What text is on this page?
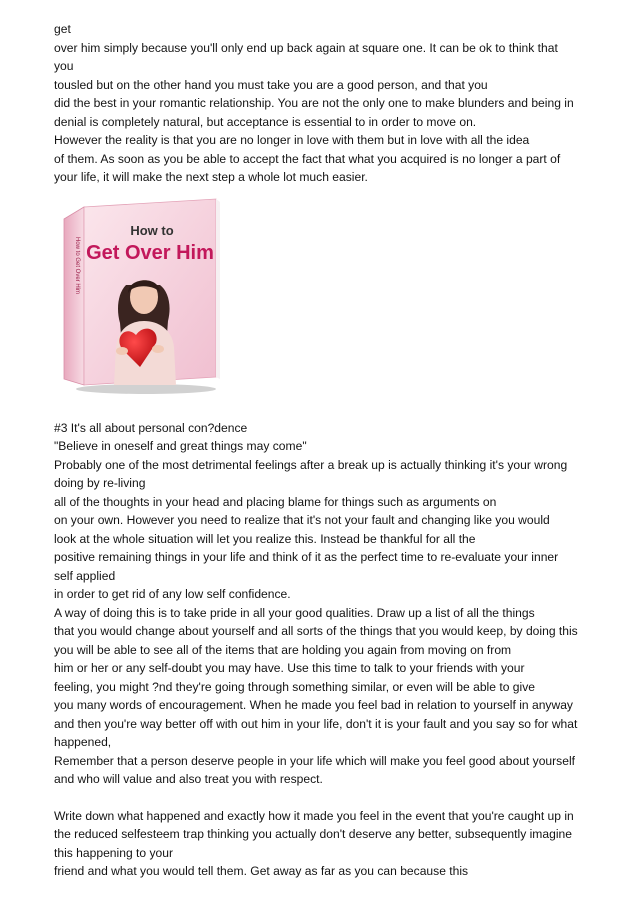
get
over him simply because you'll only end up back again at square one. It can be ok to think that
you
tousled but on the other hand you must take you are a good person, and that you
did the best in your romantic relationship. You are not the only one to make blunders and being in
denial is completely natural, but acceptance is essential to in order to move on.
However the reality is that you are no longer in love with them but in love with all the idea
of them. As soon as you be able to accept the fact that what you acquired is no longer a part of
your life, it will make the next step a whole lot much easier.
How to
Get Over Him
How to Get Over Him
#3 It's all about personal con?dence
"Believe in oneself and great things may come"
Probably one of the most detrimental feelings after a break up is actually thinking it's your wrong
doing by re-living
all of the thoughts in your head and placing blame for things such as arguments on
on your own. However you need to realize that it's not your fault and changing like you would
look at the whole situation will let you realize this. Instead be thankful for all the
positive remaining things in your life and think of it as the perfect time to re-evaluate your inner
self applied
in order to get rid of any low self confidence.
A way of doing this is to take pride in all your good qualities. Draw up a list of all the things
that you would change about yourself and all sorts of the things that you would keep, by doing this
you will be able to see all of the items that are holding you again from moving on from
him or her or any self-doubt you may have. Use this time to talk to your friends with your
feeling, you might ?nd they're going through something similar, or even will be able to give
you many words of encouragement. When he made you feel bad in relation to yourself in anyway
and then you're way better off with out him in your life, don't it is your fault and you say so for what
happened,
Remember that a person deserve people in your life which will make you feel good about yourself
and who will value and also treat you with respect.
Write down what happened and exactly how it made you feel in the event that you're caught up in
the reduced selfesteem trap thinking you actually don't deserve any better, subsequently imagine
this happening to your
friend and what you would tell them. Get away as far as you can because this
